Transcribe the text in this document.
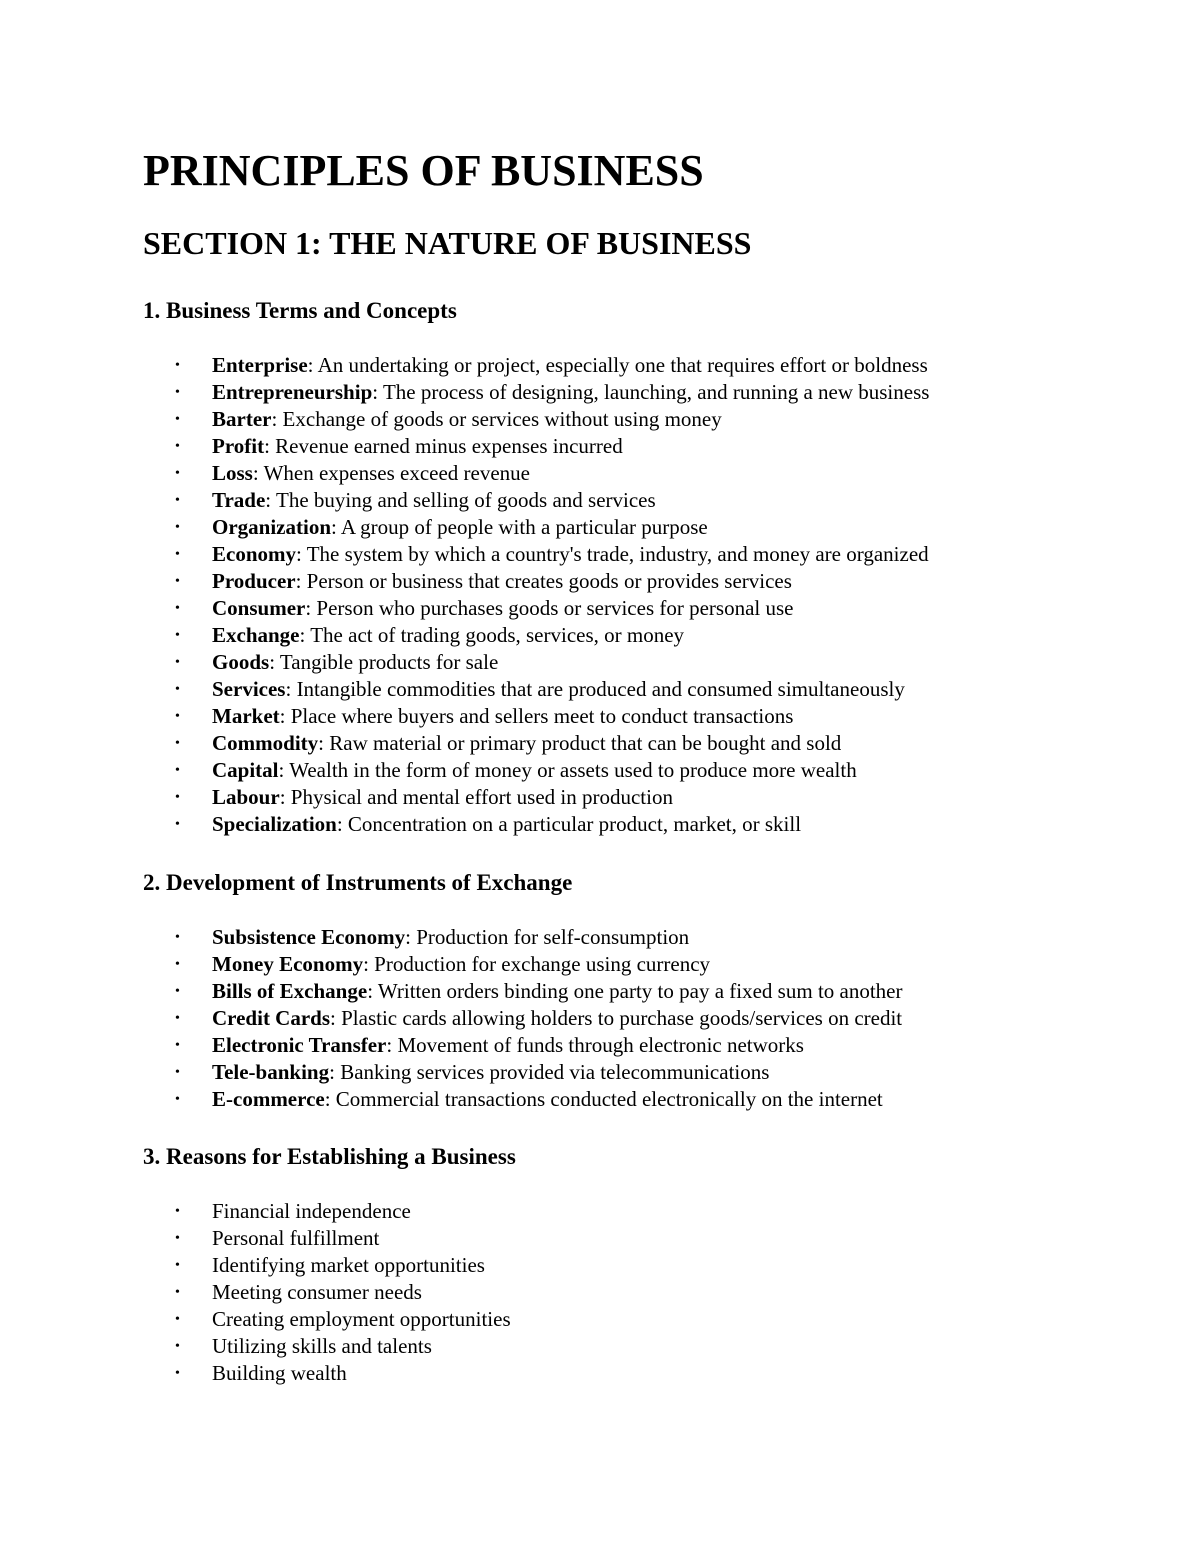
PRINCIPLES OF BUSINESS
SECTION 1: THE NATURE OF BUSINESS
1. Business Terms and Concepts
• Enterprise: An undertaking or project, especially one that requires effort or boldness
• Entrepreneurship: The process of designing, launching, and running a new business
• Barter: Exchange of goods or services without using money
• Profit: Revenue earned minus expenses incurred
• Loss: When expenses exceed revenue
• Trade: The buying and selling of goods and services
• Organization: A group of people with a particular purpose
• Economy: The system by which a country's trade, industry, and money are organized
• Producer: Person or business that creates goods or provides services
• Consumer: Person who purchases goods or services for personal use
• Exchange: The act of trading goods, services, or money
• Goods: Tangible products for sale
• Services: Intangible commodities that are produced and consumed simultaneously
• Market: Place where buyers and sellers meet to conduct transactions
• Commodity: Raw material or primary product that can be bought and sold
• Capital: Wealth in the form of money or assets used to produce more wealth
• Labour: Physical and mental effort used in production
• Specialization: Concentration on a particular product, market, or skill
2. Development of Instruments of Exchange
• Subsistence Economy: Production for self-consumption
• Money Economy: Production for exchange using currency
• Bills of Exchange: Written orders binding one party to pay a fixed sum to another
• Credit Cards: Plastic cards allowing holders to purchase goods/services on credit
• Electronic Transfer: Movement of funds through electronic networks
• Tele-banking: Banking services provided via telecommunications
• E-commerce: Commercial transactions conducted electronically on the internet
3. Reasons for Establishing a Business
• Financial independence
• Personal fulfillment
• Identifying market opportunities
• Meeting consumer needs
• Creating employment opportunities
• Utilizing skills and talents
• Building wealth
